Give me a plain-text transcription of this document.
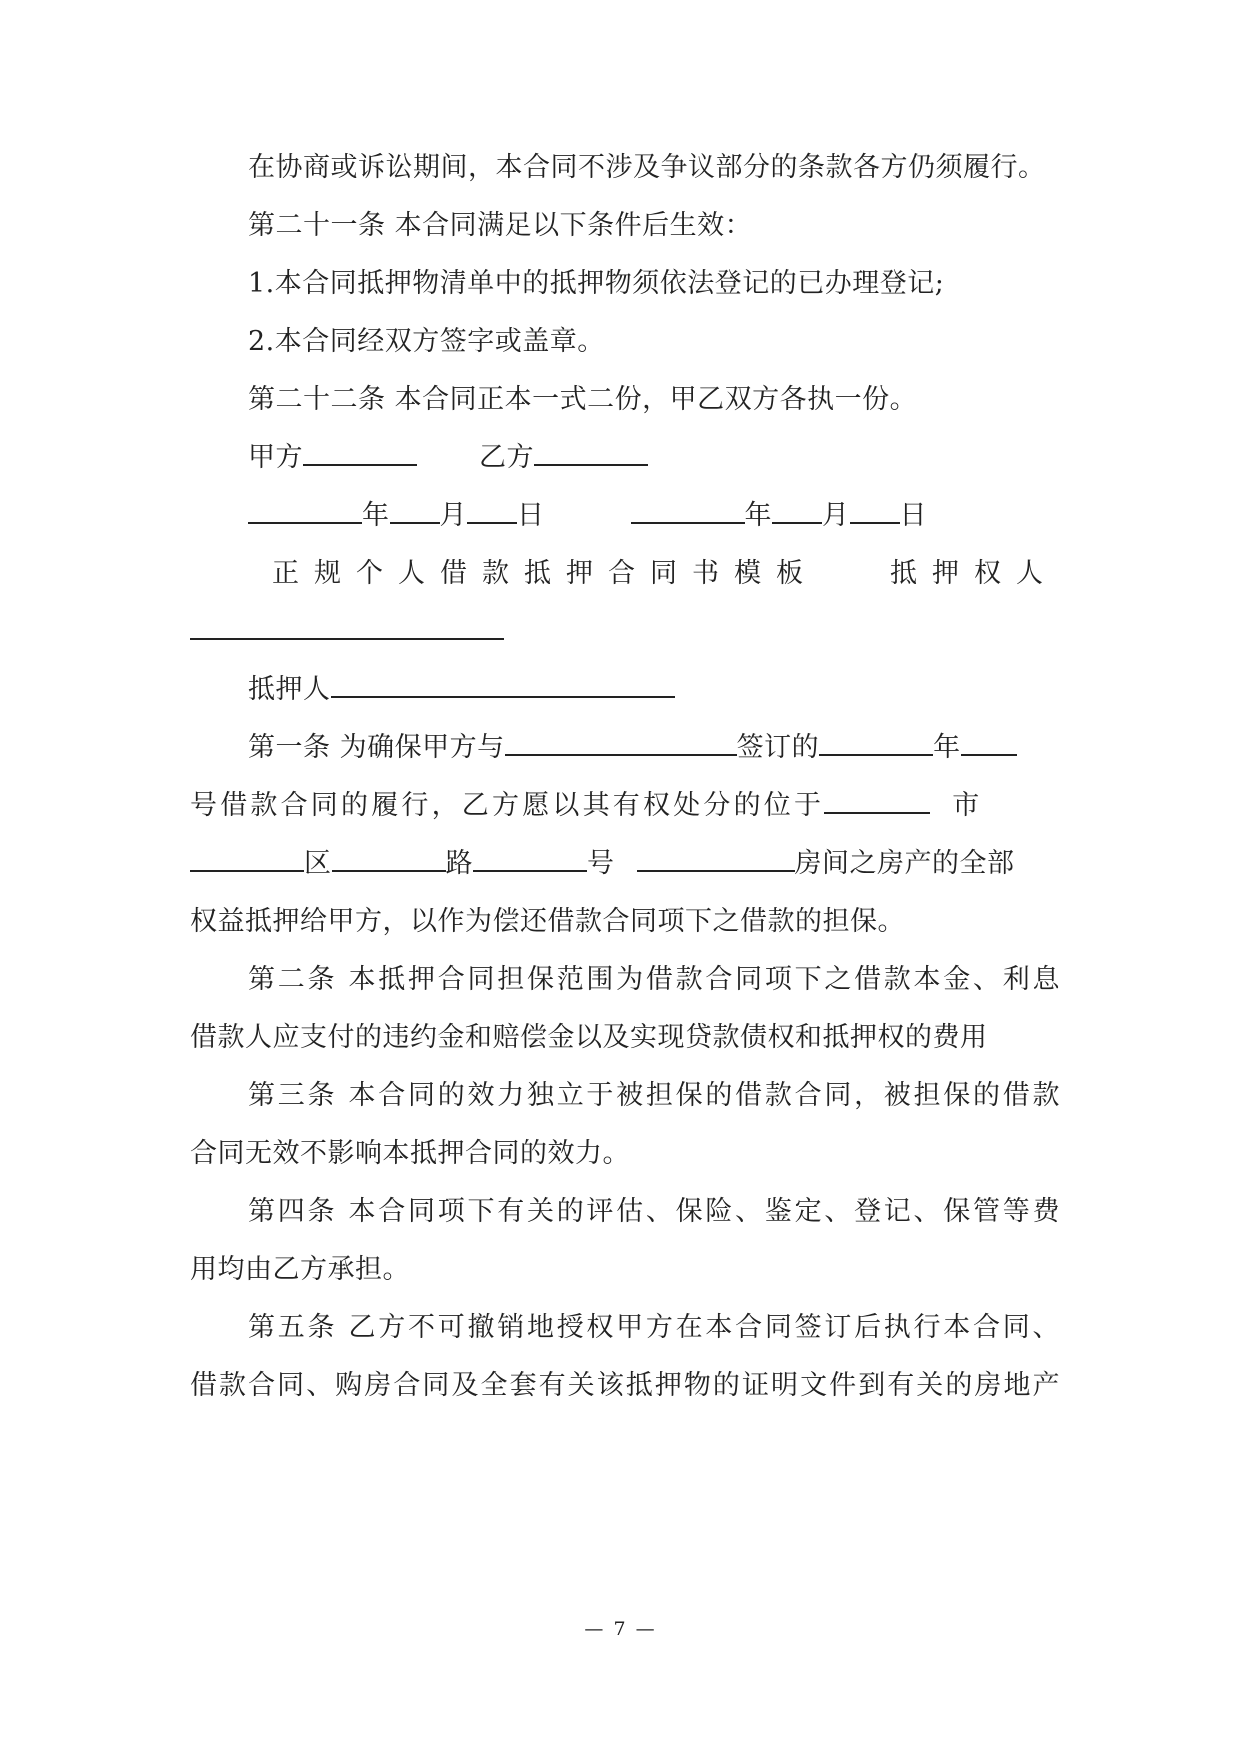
在协商或诉讼期间，本合同不涉及争议部分的条款各方仍须履行。
第二十一条 本合同满足以下条件后生效：
1.本合同抵押物清单中的抵押物须依法登记的已办理登记;
2.本合同经双方签字或盖章。
第二十二条 本合同正本一式二份，甲乙双方各执一份。
甲方	乙方
年 月 日	年 月 日
正规个人借款抵押合同书模板	抵押权人
抵押人
第一条 为确保甲方与	签订的	年
号借款合同的履行，乙方愿以其有权处分的位于	市
区	路	号	房间之房产的全部
权益抵押给甲方，以作为偿还借款合同项下之借款的担保。
第二条 本抵押合同担保范围为借款合同项下之借款本金、利息
借款人应支付的违约金和赔偿金以及实现贷款债权和抵押权的费用
第三条 本合同的效力独立于被担保的借款合同，被担保的借款
合同无效不影响本抵押合同的效力。
第四条 本合同项下有关的评估、保险、鉴定、登记、保管等费
用均由乙方承担。
第五条 乙方不可撤销地授权甲方在本合同签订后执行本合同、
借款合同、购房合同及全套有关该抵押物的证明文件到有关的房地产
— 7 —
